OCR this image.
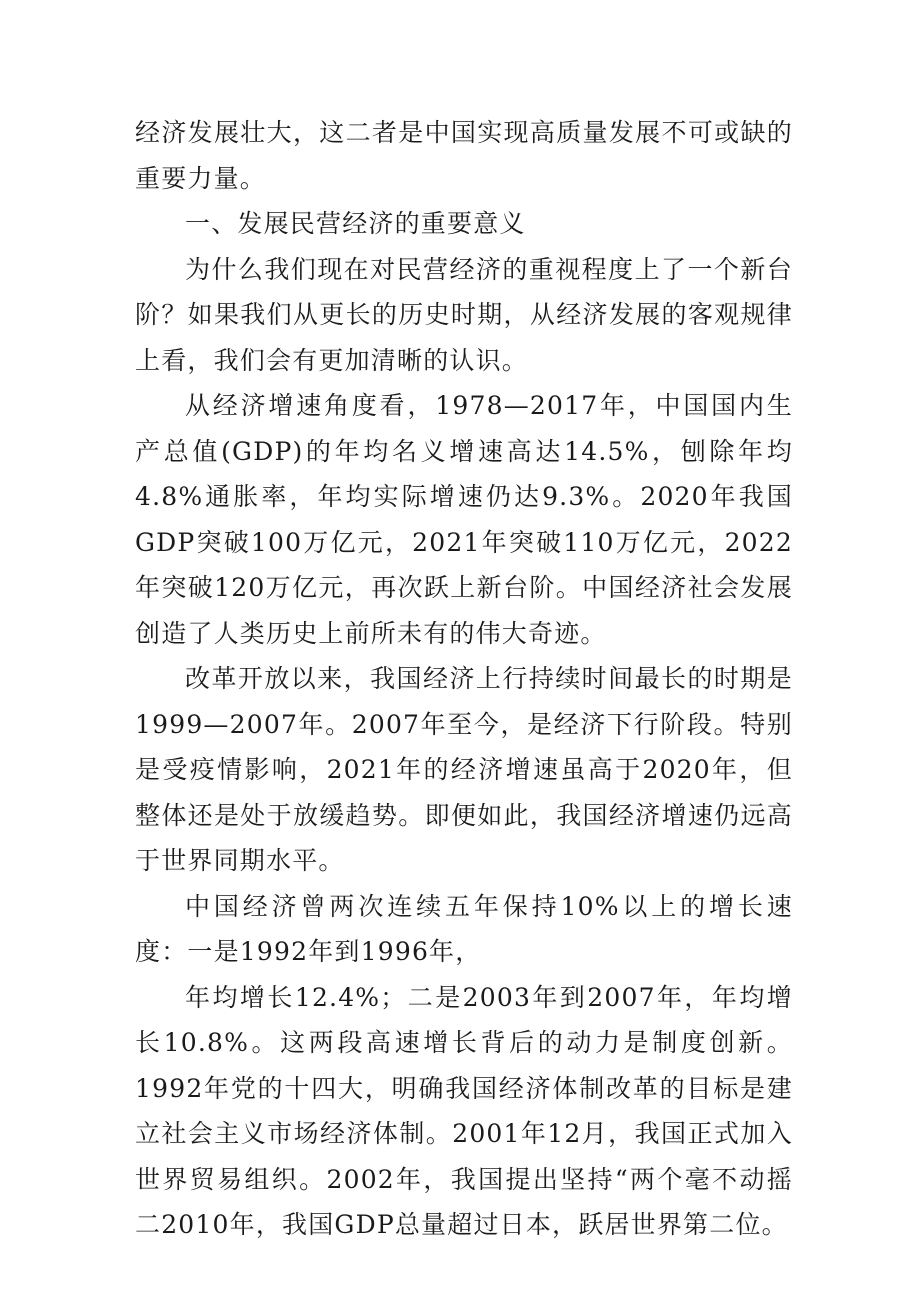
经济发展壮大，这二者是中国实现高质量发展不可或缺的重要力量。

一、发展民营经济的重要意义

为什么我们现在对民营经济的重视程度上了一个新台阶？如果我们从更长的历史时期，从经济发展的客观规律上看，我们会有更加清晰的认识。

从经济增速角度看，1978—2017年，中国国内生产总值(GDP)的年均名义增速高达14.5%，刨除年均4.8%通胀率，年均实际增速仍达9.3%。2020年我国GDP突破100万亿元，2021年突破110万亿元，2022年突破120万亿元，再次跃上新台阶。中国经济社会发展创造了人类历史上前所未有的伟大奇迹。

改革开放以来，我国经济上行持续时间最长的时期是1999—2007年。2007年至今，是经济下行阶段。特别是受疫情影响，2021年的经济增速虽高于2020年，但整体还是处于放缓趋势。即便如此，我国经济增速仍远高于世界同期水平。

中国经济曾两次连续五年保持10%以上的增长速度：一是1992年到1996年，

年均增长12.4%；二是2003年到2007年，年均增长10.8%。这两段高速增长背后的动力是制度创新。1992年党的十四大，明确我国经济体制改革的目标是建立社会主义市场经济体制。2001年12月，我国正式加入世界贸易组织。2002年，我国提出坚持“两个毫不动摇二2010年，我国GDP总量超过日本，跃居世界第二位。
